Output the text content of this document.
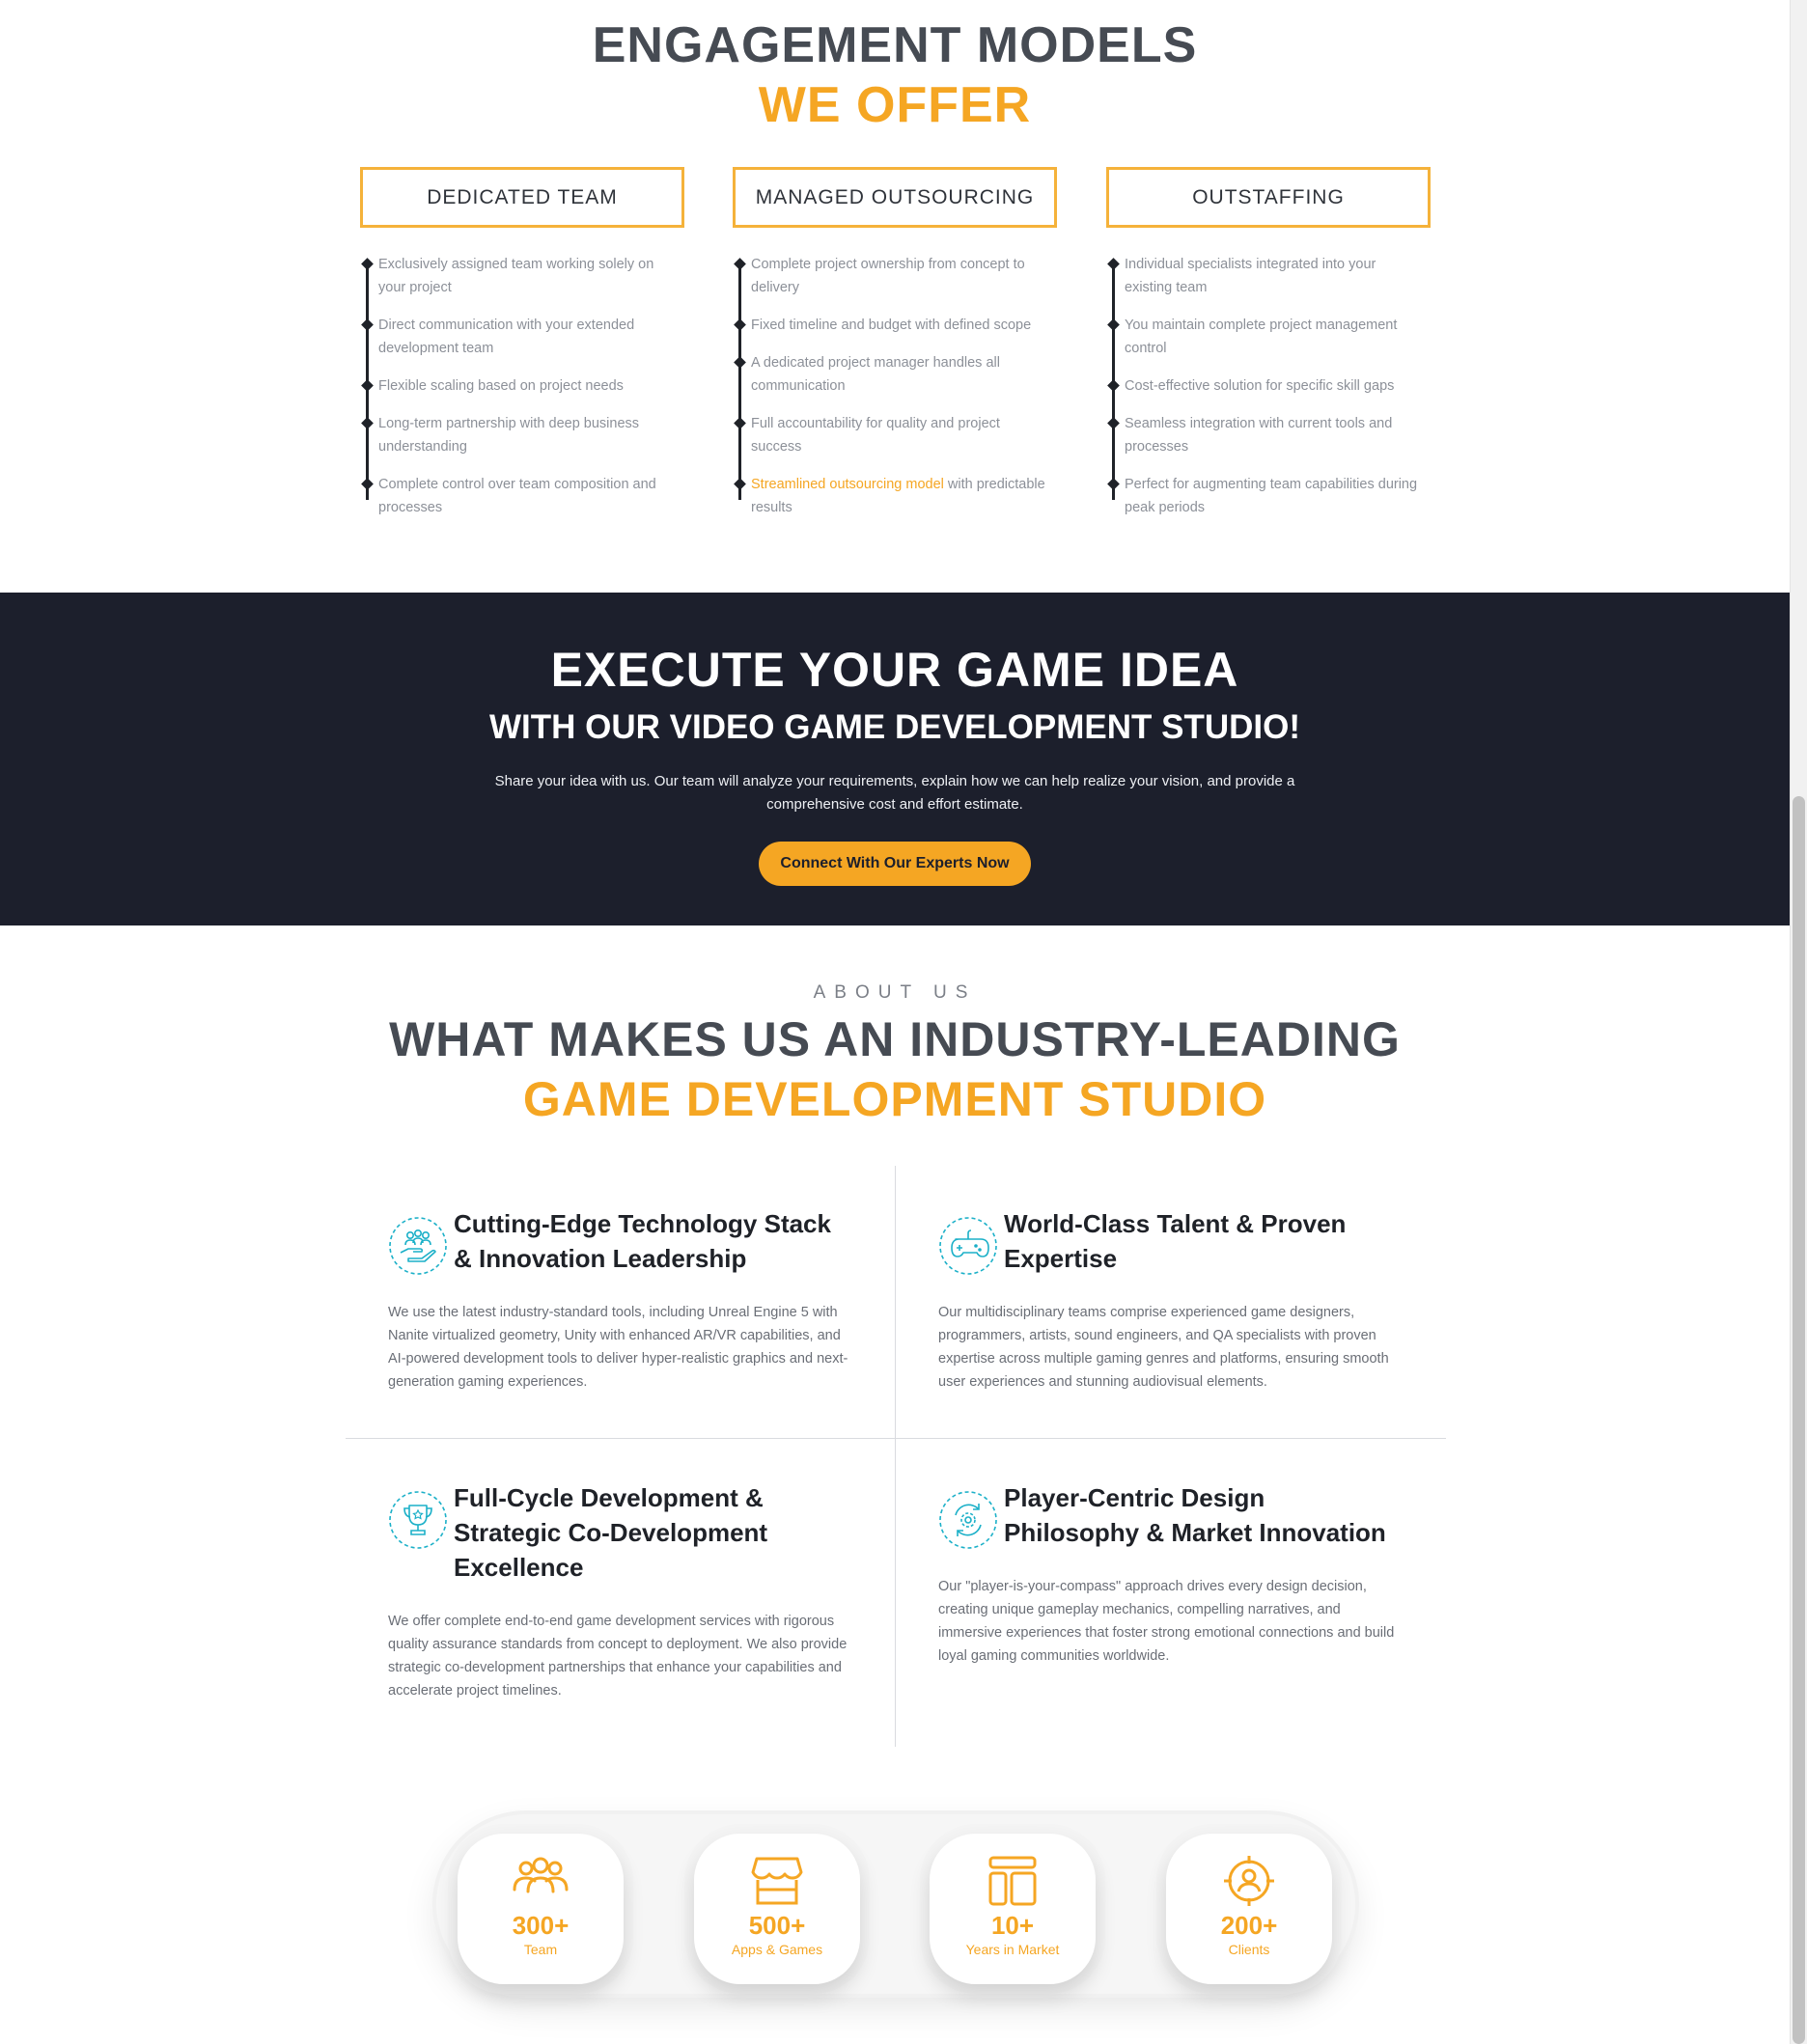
ENGAGEMENT MODELS
WE OFFER
DEDICATED TEAM
Exclusively assigned team working solely on your project
Direct communication with your extended development team
Flexible scaling based on project needs
Long-term partnership with deep business understanding
Complete control over team composition and processes
MANAGED OUTSOURCING
Complete project ownership from concept to delivery
Fixed timeline and budget with defined scope
A dedicated project manager handles all communication
Full accountability for quality and project success
Streamlined outsourcing model with predictable results
OUTSTAFFING
Individual specialists integrated into your existing team
You maintain complete project management control
Cost-effective solution for specific skill gaps
Seamless integration with current tools and processes
Perfect for augmenting team capabilities during peak periods
EXECUTE YOUR GAME IDEA
WITH OUR VIDEO GAME DEVELOPMENT STUDIO!

Share your idea with us. Our team will analyze your requirements, explain how we can help realize your vision, and provide a comprehensive cost and effort estimate.

Connect With Our Experts Now
ABOUT US
WHAT MAKES US AN INDUSTRY-LEADING
GAME DEVELOPMENT STUDIO
Cutting-Edge Technology Stack & Innovation Leadership

We use the latest industry-standard tools, including Unreal Engine 5 with Nanite virtualized geometry, Unity with enhanced AR/VR capabilities, and AI-powered development tools to deliver hyper-realistic graphics and next-generation gaming experiences.

World-Class Talent & Proven Expertise

Our multidisciplinary teams comprise experienced game designers, programmers, artists, sound engineers, and QA specialists with proven expertise across multiple gaming genres and platforms, ensuring smooth user experiences and stunning audiovisual elements.

Full-Cycle Development & Strategic Co-Development Excellence

We offer complete end-to-end game development services with rigorous quality assurance standards from concept to deployment. We also provide strategic co-development partnerships that enhance your capabilities and accelerate project timelines.

Player-Centric Design Philosophy & Market Innovation

Our "player-is-your-compass" approach drives every design decision, creating unique gameplay mechanics, compelling narratives, and immersive experiences that foster strong emotional connections and build loyal gaming communities worldwide.

300+
Team
500+
Apps & Games
10+
Years in Market
200+
Clients
